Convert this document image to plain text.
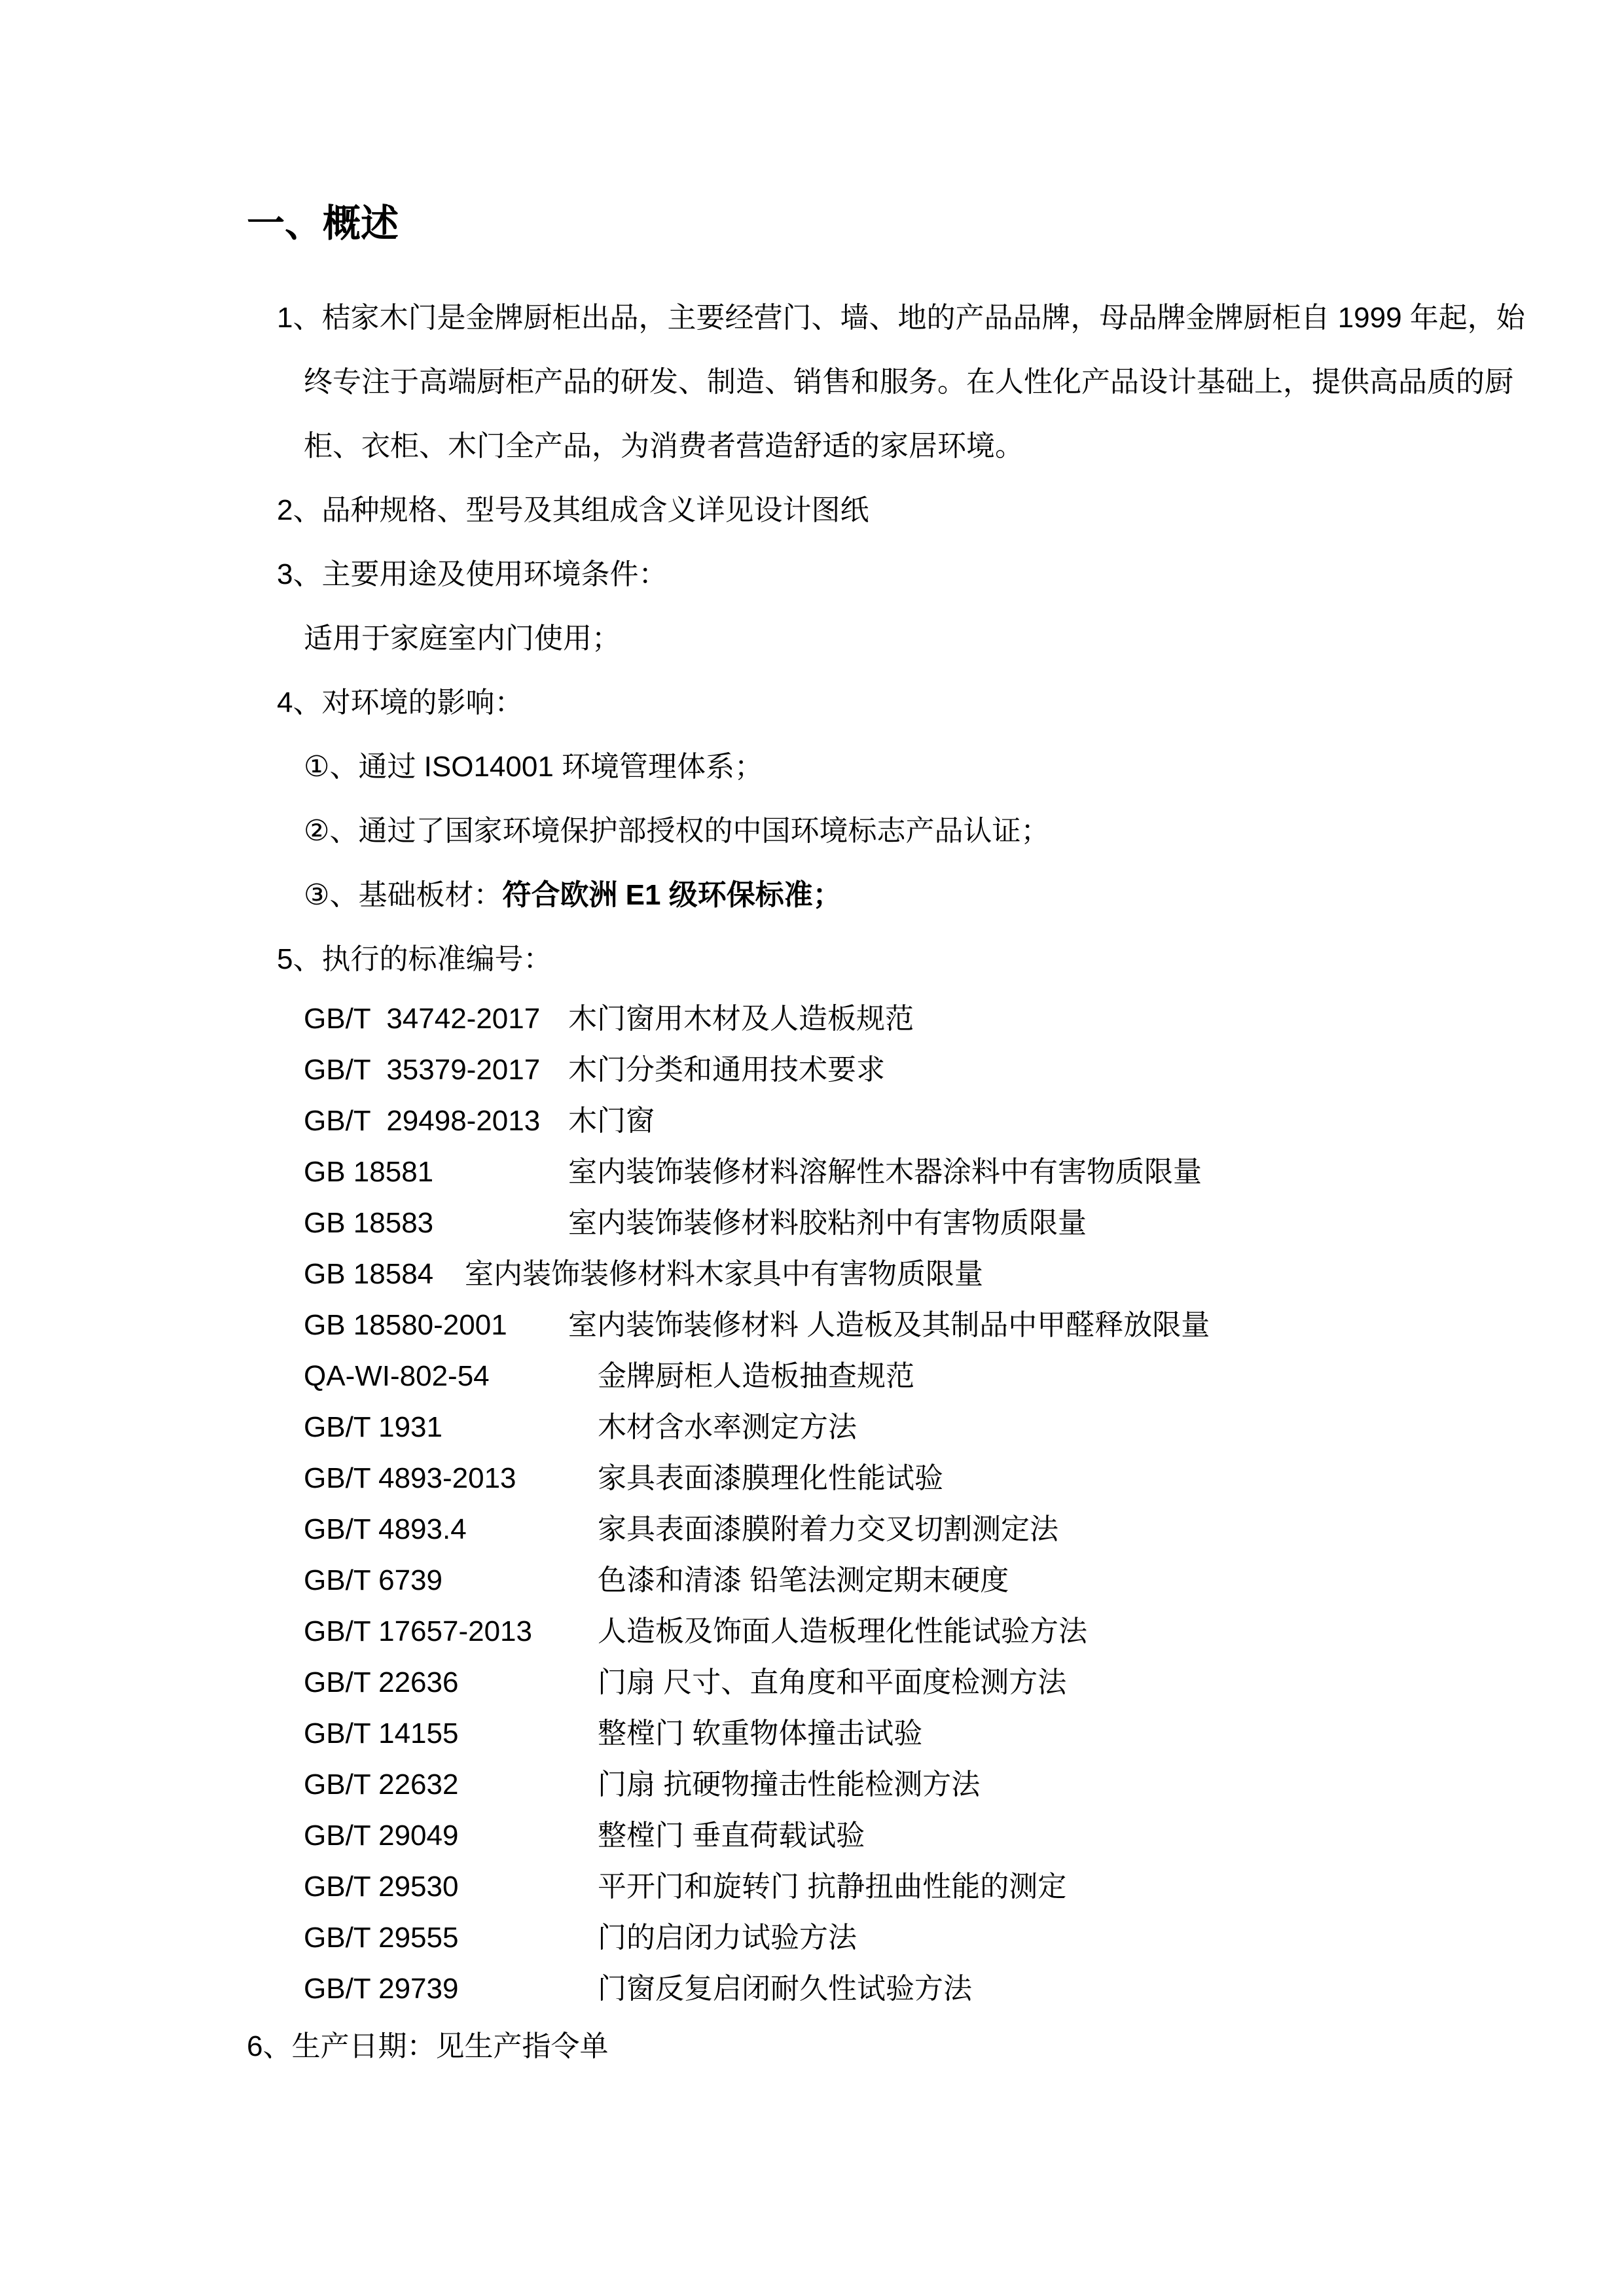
一、概述
1、桔家木门是金牌厨柜出品，主要经营门、墙、地的产品品牌，母品牌金牌厨柜自 1999 年起，始
终专注于高端厨柜产品的研发、制造、销售和服务。在人性化产品设计基础上，提供高品质的厨
柜、衣柜、木门全产品，为消费者营造舒适的家居环境。
2、品种规格、型号及其组成含义详见设计图纸
3、主要用途及使用环境条件：
适用于家庭室内门使用；
4、对环境的影响：
①、通过 ISO14001 环境管理体系；
②、通过了国家环境保护部授权的中国环境标志产品认证；
③、基础板材：符合欧洲 E1 级环保标准；
5、执行的标准编号：
GB/T  34742-2017 木门窗用木材及人造板规范
GB/T  35379-2017 木门分类和通用技术要求
GB/T  29498-2013 木门窗
GB 18581	室内装饰装修材料溶解性木器涂料中有害物质限量
GB 18583	室内装饰装修材料胶粘剂中有害物质限量
GB 18584	室内装饰装修材料木家具中有害物质限量
GB 18580-2001	室内装饰装修材料 人造板及其制品中甲醛释放限量
QA-WI-802-54	金牌厨柜人造板抽查规范
GB/T 1931	木材含水率测定方法
GB/T 4893-2013	家具表面漆膜理化性能试验
GB/T 4893.4	家具表面漆膜附着力交叉切割测定法
GB/T 6739	色漆和清漆 铅笔法测定期末硬度
GB/T 17657-2013	人造板及饰面人造板理化性能试验方法
GB/T 22636	门扇 尺寸、直角度和平面度检测方法
GB/T 14155	整樘门 软重物体撞击试验
GB/T 22632	门扇 抗硬物撞击性能检测方法
GB/T 29049	整樘门 垂直荷载试验
GB/T 29530	平开门和旋转门 抗静扭曲性能的测定
GB/T 29555	门的启闭力试验方法
GB/T 29739	门窗反复启闭耐久性试验方法
6、生产日期：见生产指令单
